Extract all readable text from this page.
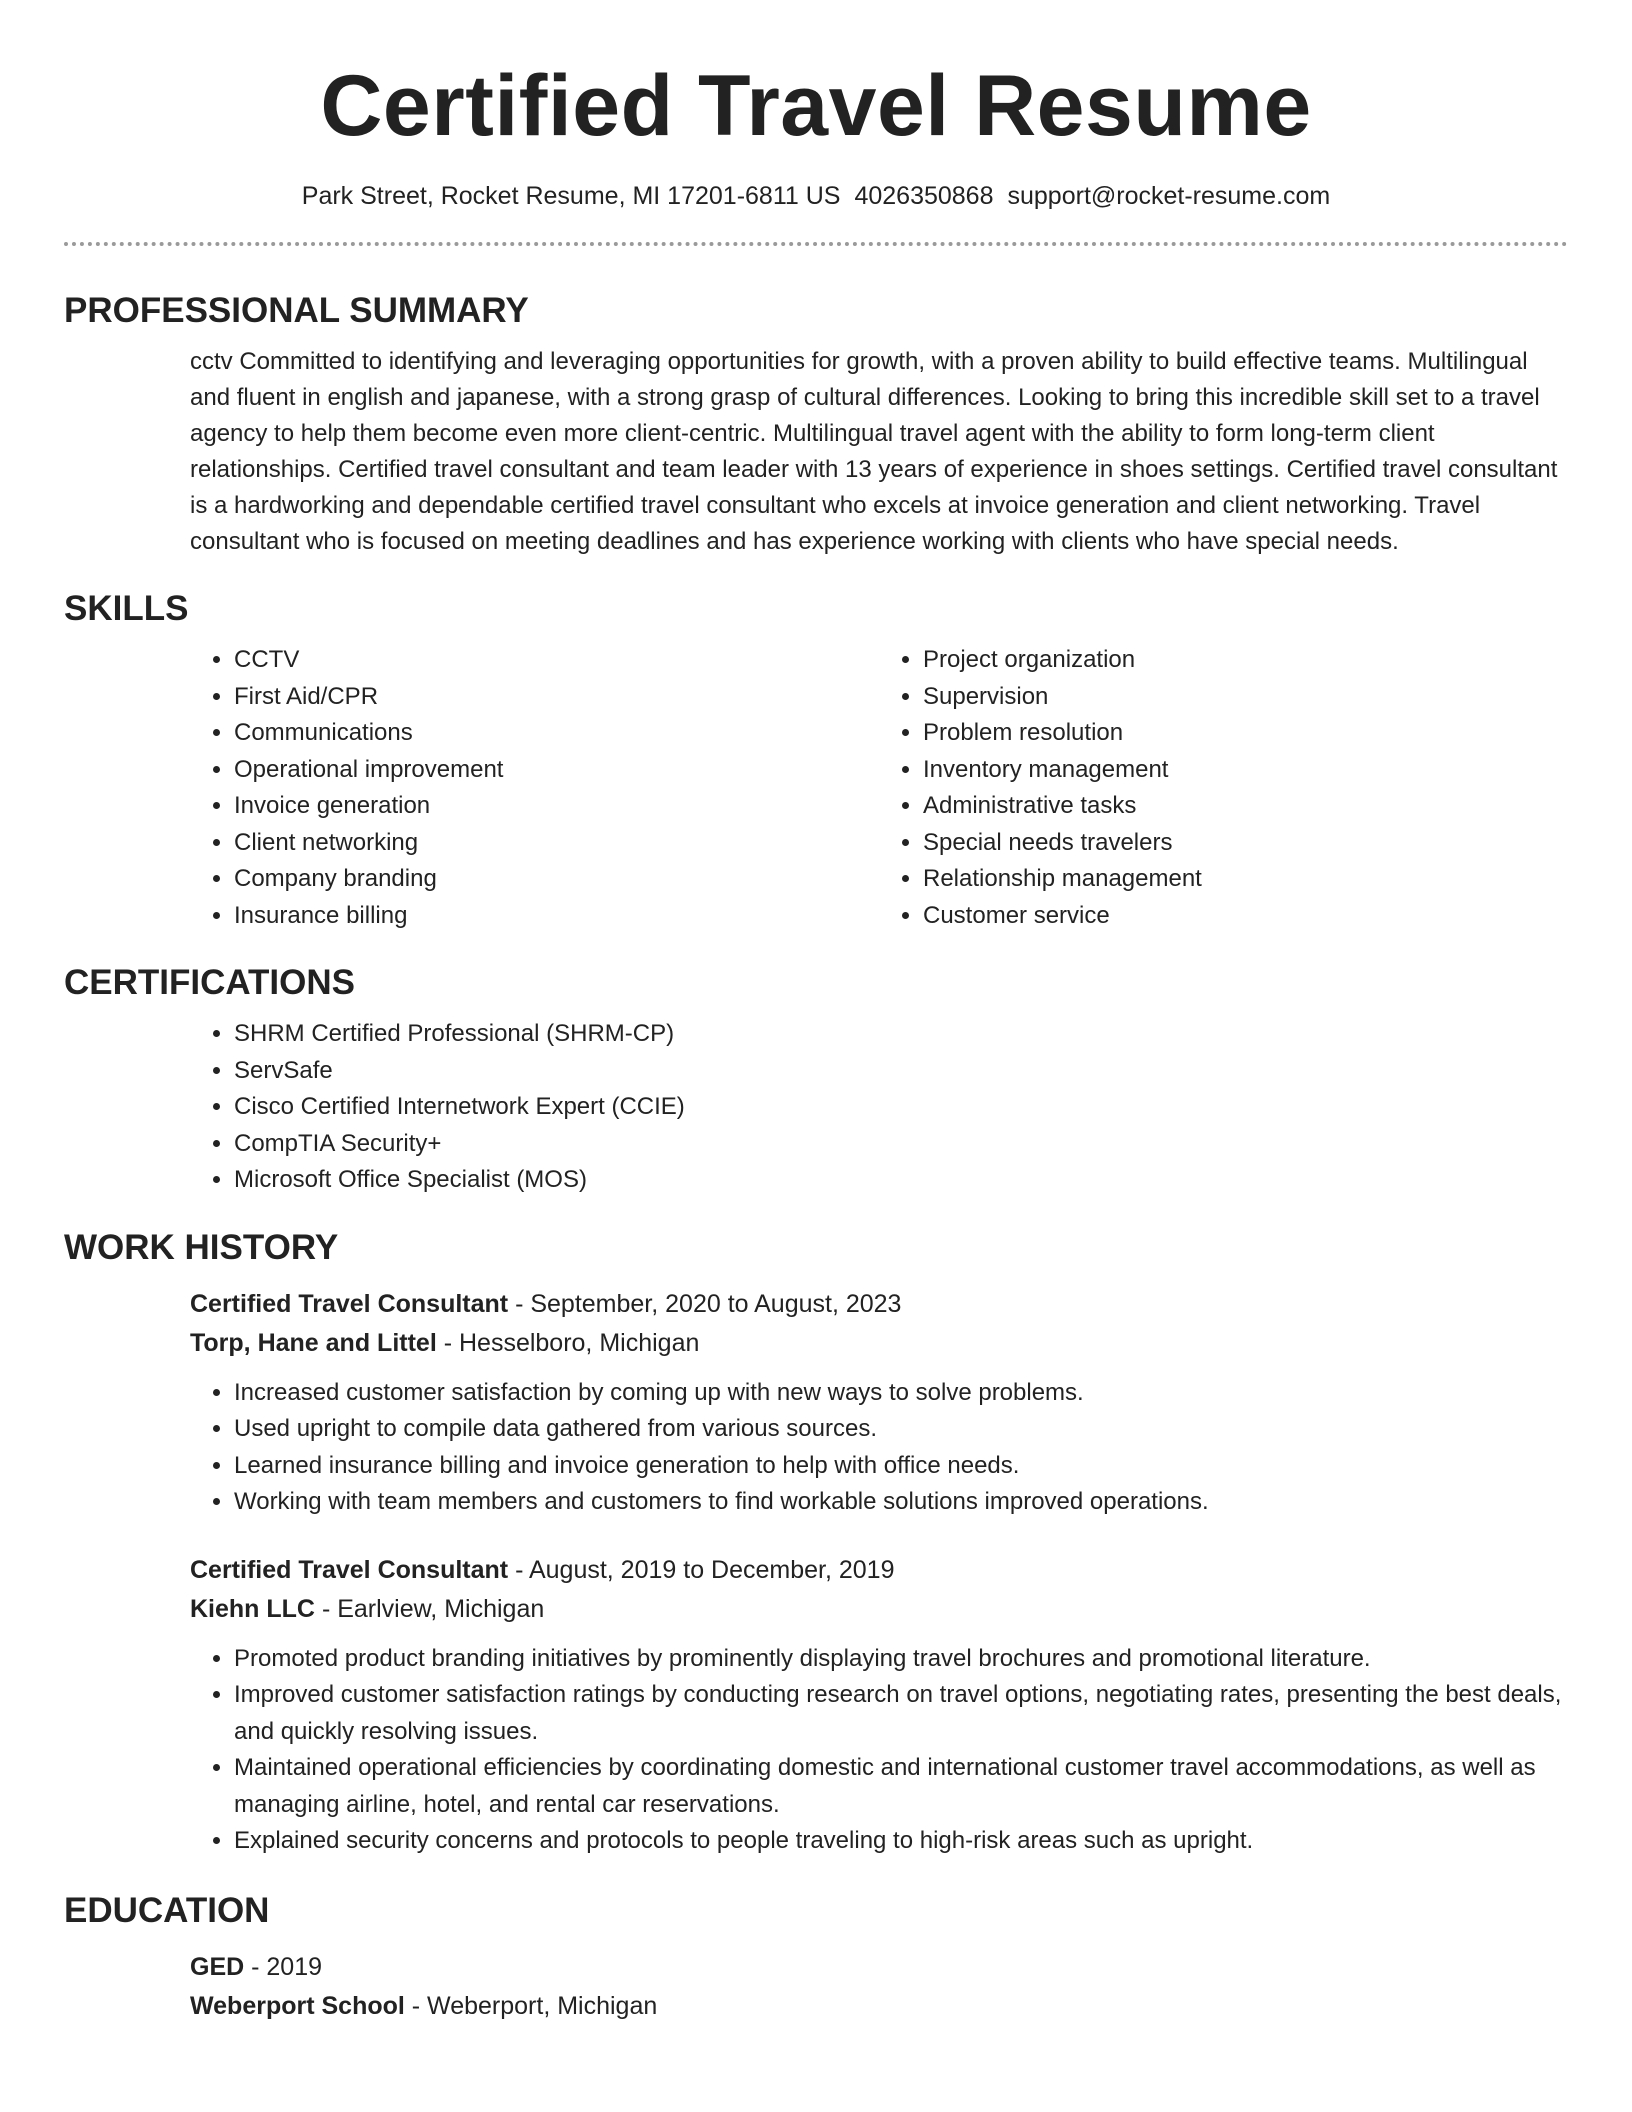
Certified Travel Resume
Park Street, Rocket Resume, MI 17201-6811 US 4026350868 support@rocket-resume.com
PROFESSIONAL SUMMARY

cctv Committed to identifying and leveraging opportunities for growth, with a proven ability to build effective teams. Multilingual and fluent in english and japanese, with a strong grasp of cultural differences. Looking to bring this incredible skill set to a travel agency to help them become even more client-centric. Multilingual travel agent with the ability to form long-term client relationships. Certified travel consultant and team leader with 13 years of experience in shoes settings. Certified travel consultant is a hardworking and dependable certified travel consultant who excels at invoice generation and client networking. Travel consultant who is focused on meeting deadlines and has experience working with clients who have special needs.

SKILLS
• CCTV
• First Aid/CPR
• Communications
• Operational improvement
• Invoice generation
• Client networking
• Company branding
• Insurance billing
• Project organization
• Supervision
• Problem resolution
• Inventory management
• Administrative tasks
• Special needs travelers
• Relationship management
• Customer service
CERTIFICATIONS
• SHRM Certified Professional (SHRM-CP)
• ServSafe
• Cisco Certified Internetwork Expert (CCIE)
• CompTIA Security+
• Microsoft Office Specialist (MOS)
WORK HISTORY
Certified Travel Consultant - September, 2020 to August, 2023
Torp, Hane and Littel - Hesselboro, Michigan
• Increased customer satisfaction by coming up with new ways to solve problems.
• Used upright to compile data gathered from various sources.
• Learned insurance billing and invoice generation to help with office needs.
• Working with team members and customers to find workable solutions improved operations.
Certified Travel Consultant - August, 2019 to December, 2019
Kiehn LLC - Earlview, Michigan
• Promoted product branding initiatives by prominently displaying travel brochures and promotional literature.
• Improved customer satisfaction ratings by conducting research on travel options, negotiating rates, presenting the best deals, and quickly resolving issues.
• Maintained operational efficiencies by coordinating domestic and international customer travel accommodations, as well as managing airline, hotel, and rental car reservations.
• Explained security concerns and protocols to people traveling to high-risk areas such as upright.
EDUCATION
GED - 2019
Weberport School - Weberport, Michigan
